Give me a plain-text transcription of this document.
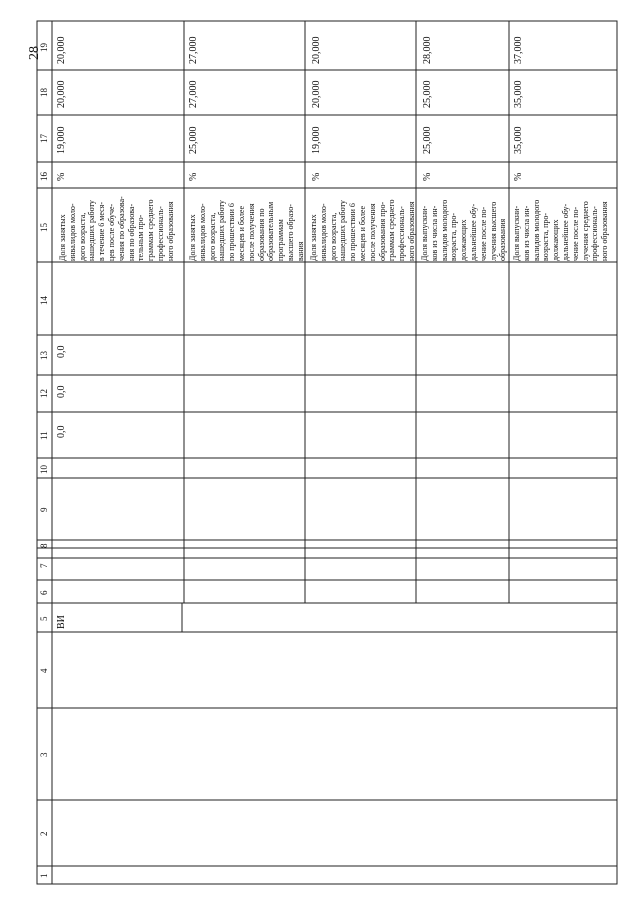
28
19
18
17
16
15
14
13
12
11
10
9
8
7
6
5
4
3
2
1
20,000
20,000
19,000
%
Доля занятых инвалидов моло- дого возраста, нашедших работу в течение 6 меся- цев после обуче- чения по образова- ния по образова- тельным про- граммам среднего профессиональ- ного образования
0,0
0,0
0,0
27,000
27,000
25,000
%
Доля занятых инвалидов моло- дого возраста, нашедших работу по прошествии 6 месяцев и более после получения образования по образовательным программам высшего образо- вания
20,000
20,000
19,000
%
Доля занятых инвалидов моло- дого возраста, нашедших работу по прошествии 6 месяцев и более после получения образования про- граммам среднего профессиональ- ного образования
28,000
25,000
25,000
%
Доля выпускни- ков из числа ин- валидов молодого возраста, про- должающих дальнейшее обу- чение после по- лучения высшего образования
37,000
35,000
35,000
%
Доля выпускни- ков из числа ин- валидов молодого возраста, про- должающих дальнейшее обу- чение после по- лучения среднего профессиональ- ного образования
ВИ
